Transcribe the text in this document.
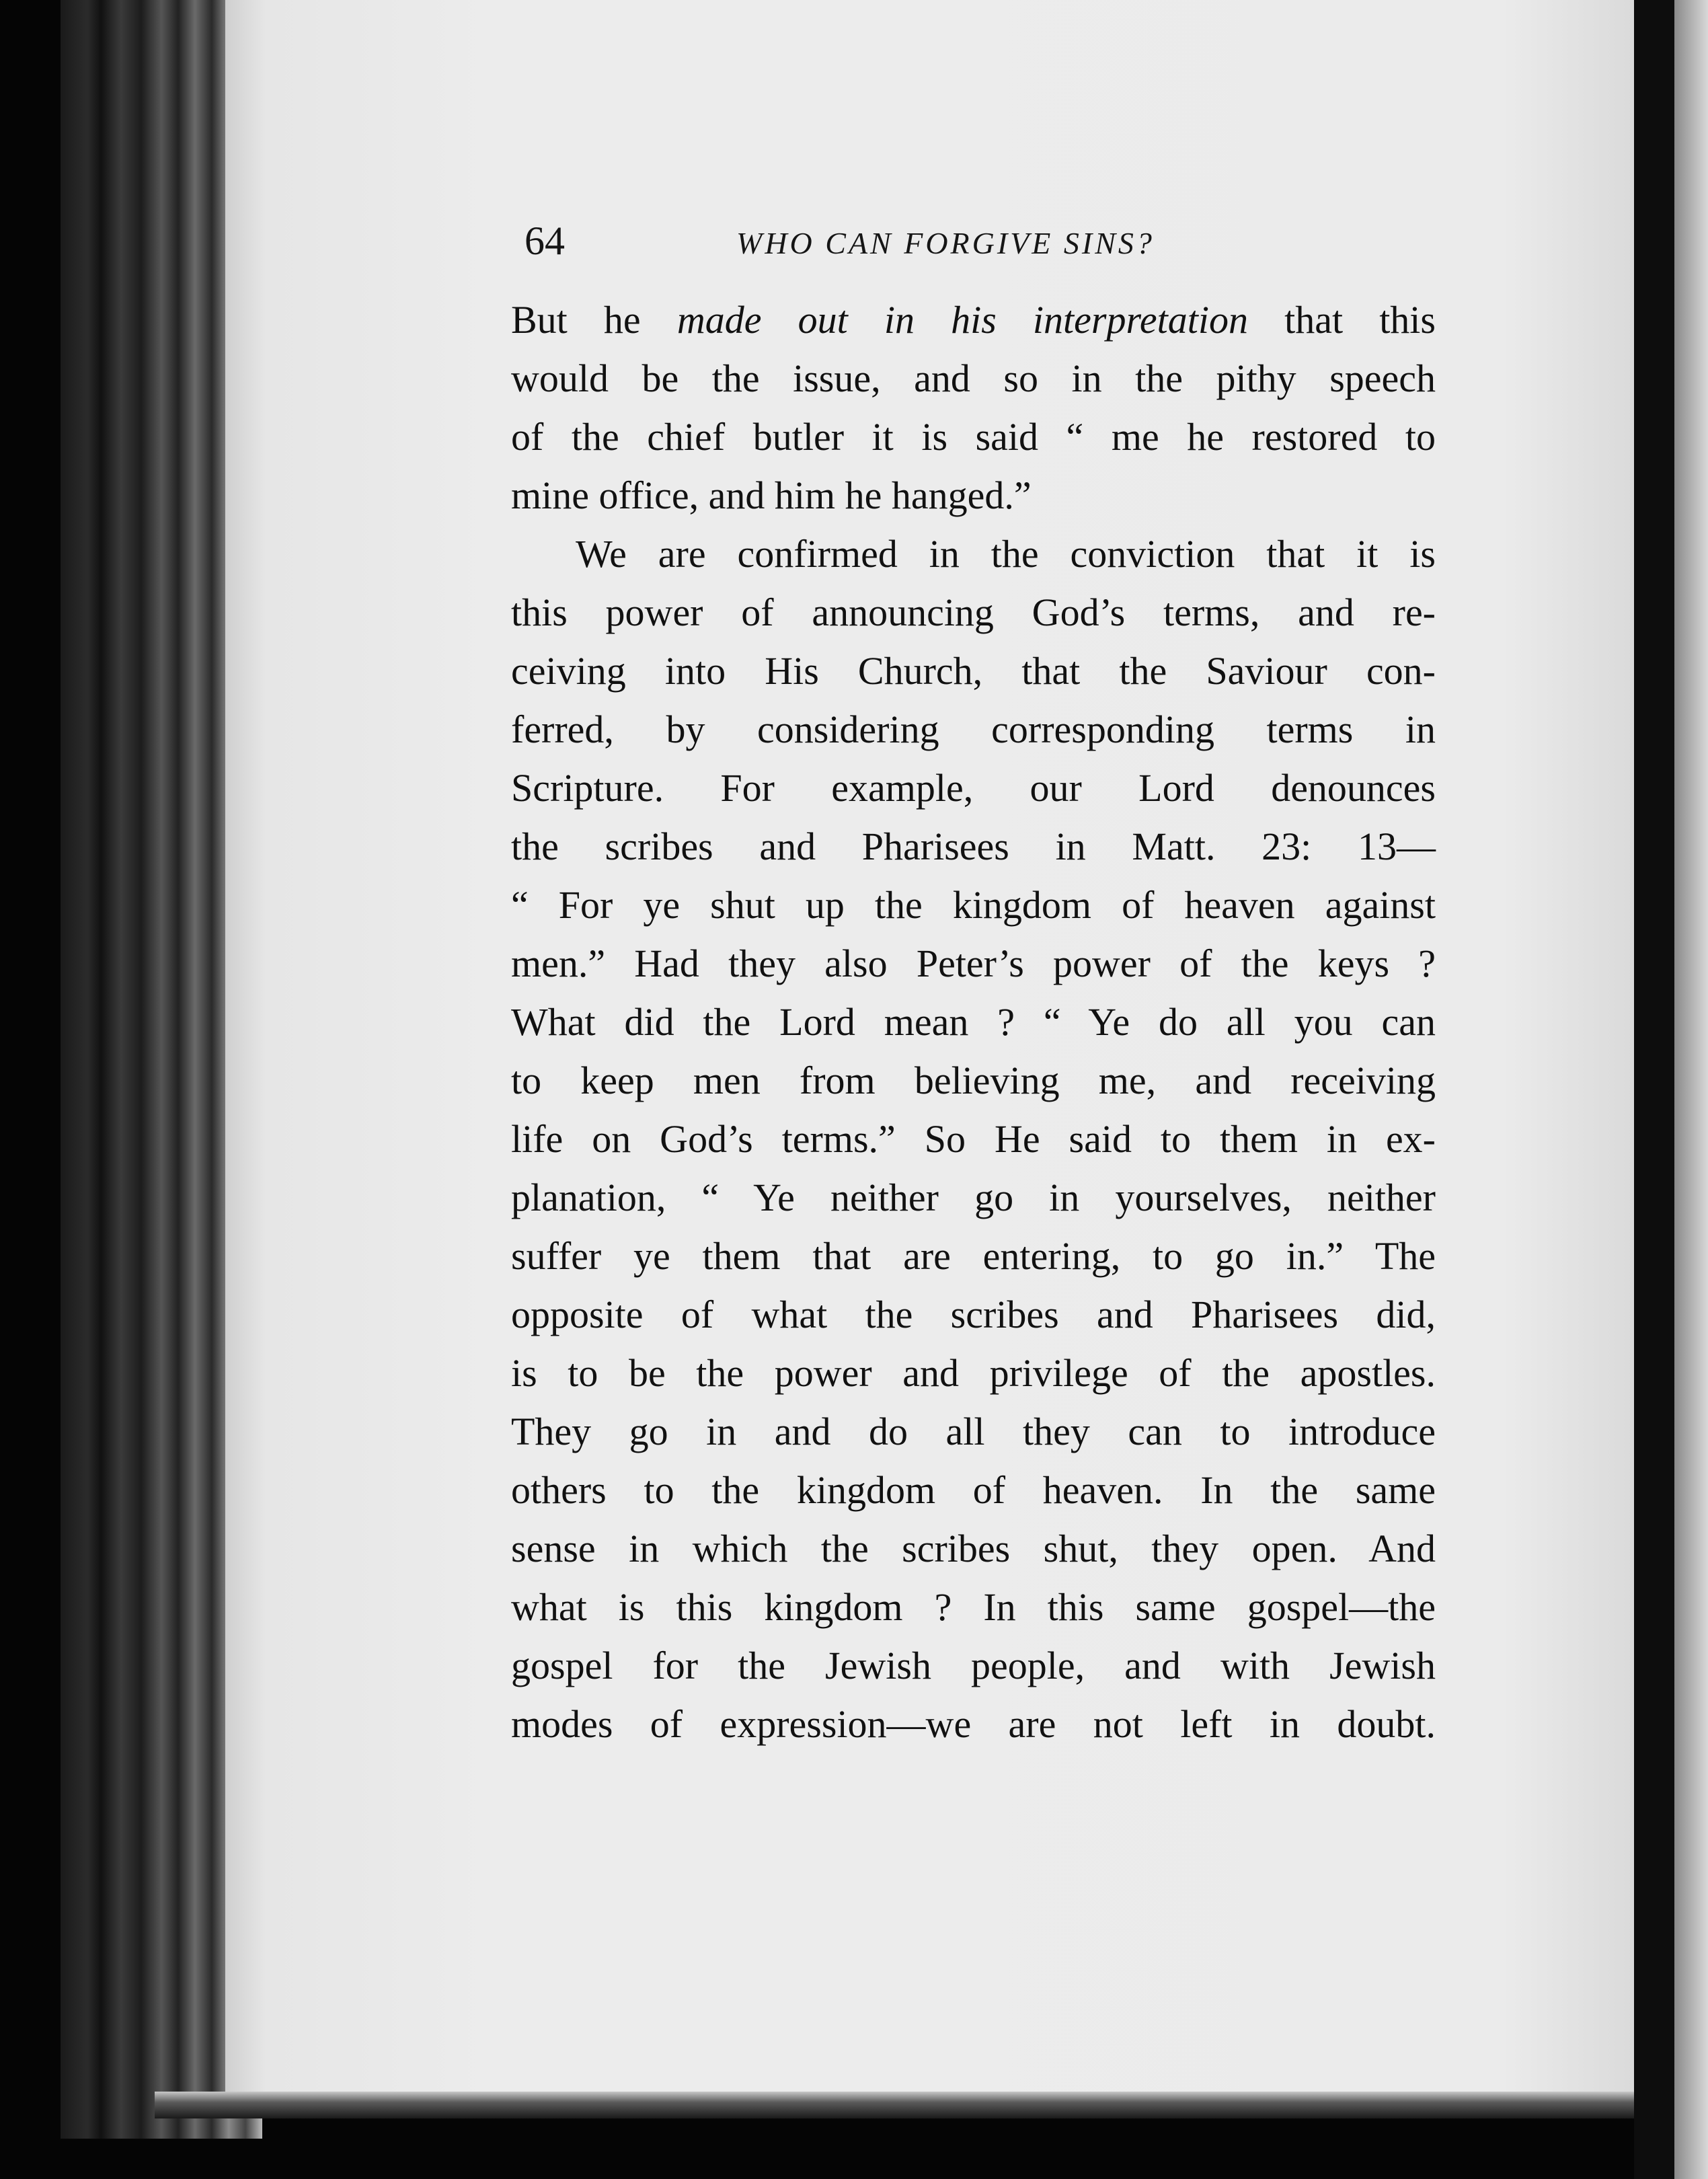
64	WHO CAN FORGIVE SINS?
But he made out in his interpretation that this
would be the issue, and so in the pithy speech
of the chief butler it is said “ me he restored to
mine office, and him he hanged.”
We are confirmed in the conviction that it is
this power of announcing God’s terms, and re-
ceiving into His Church, that the Saviour con-
ferred, by considering corresponding terms in
Scripture. For example, our Lord denounces
the scribes and Pharisees in Matt. 23: 13—
“ For ye shut up the kingdom of heaven against
men.” Had they also Peter’s power of the keys ?
What did the Lord mean ? “ Ye do all you can
to keep men from believing me, and receiving
life on God’s terms.” So He said to them in ex-
planation, “ Ye neither go in yourselves, neither
suffer ye them that are entering, to go in.” The
opposite of what the scribes and Pharisees did,
is to be the power and privilege of the apostles.
They go in and do all they can to introduce
others to the kingdom of heaven. In the same
sense in which the scribes shut, they open. And
what is this kingdom ? In this same gospel—the
gospel for the Jewish people, and with Jewish
modes of expression—we are not left in doubt.
